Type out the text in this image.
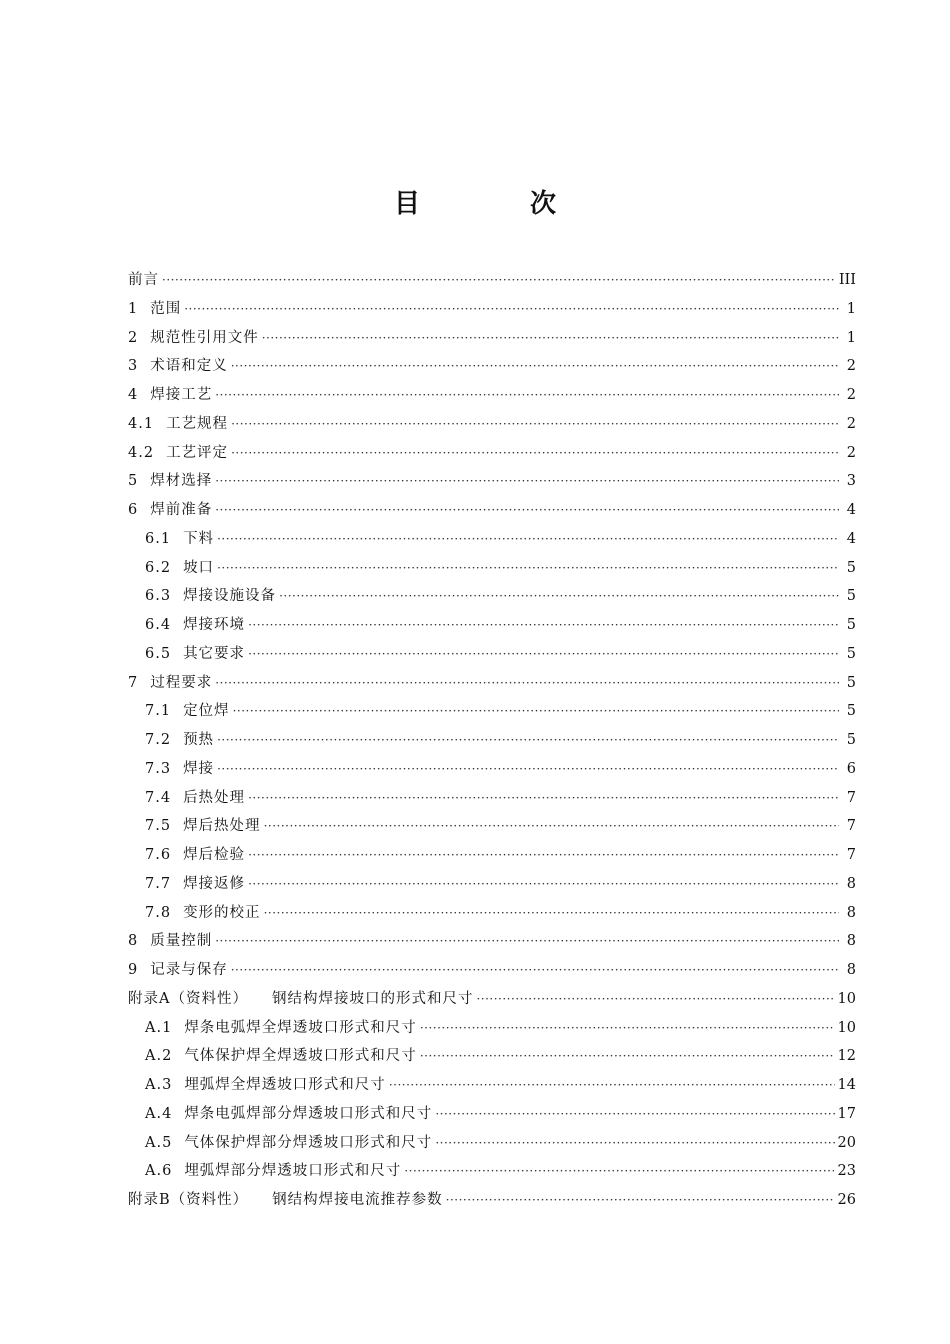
目　次
前言 ·····	III
1 范围 ·····	1
2 规范性引用文件 ·····	1
3 术语和定义 ·····	2
4 焊接工艺 ·····	2
4.1 工艺规程 ·····	2
4.2 工艺评定 ·····	2
5 焊材选择 ·····	3
6 焊前准备 ·····	4
6.1 下料 ·····	4
6.2 坡口 ·····	5
6.3 焊接设施设备 ·····	5
6.4 焊接环境 ·····	5
6.5 其它要求 ·····	5
7 过程要求 ·····	5
7.1 定位焊 ·····	5
7.2 预热 ·····	5
7.3 焊接 ·····	6
7.4 后热处理 ·····	7
7.5 焊后热处理 ·····	7
7.6 焊后检验 ·····	7
7.7 焊接返修 ·····	8
7.8 变形的校正 ·····	8
8 质量控制 ·····	8
9 记录与保存 ·····	8
附录A（资料性）	钢结构焊接坡口的形式和尺寸 ·····	10
A.1 焊条电弧焊全焊透坡口形式和尺寸 ·····	10
A.2 气体保护焊全焊透坡口形式和尺寸 ·····	12
A.3 埋弧焊全焊透坡口形式和尺寸 ·····	14
A.4 焊条电弧焊部分焊透坡口形式和尺寸 ·····	17
A.5 气体保护焊部分焊透坡口形式和尺寸 ·····	20
A.6 埋弧焊部分焊透坡口形式和尺寸 ·····	23
附录B（资料性）	钢结构焊接电流推荐参数 ·····	26
